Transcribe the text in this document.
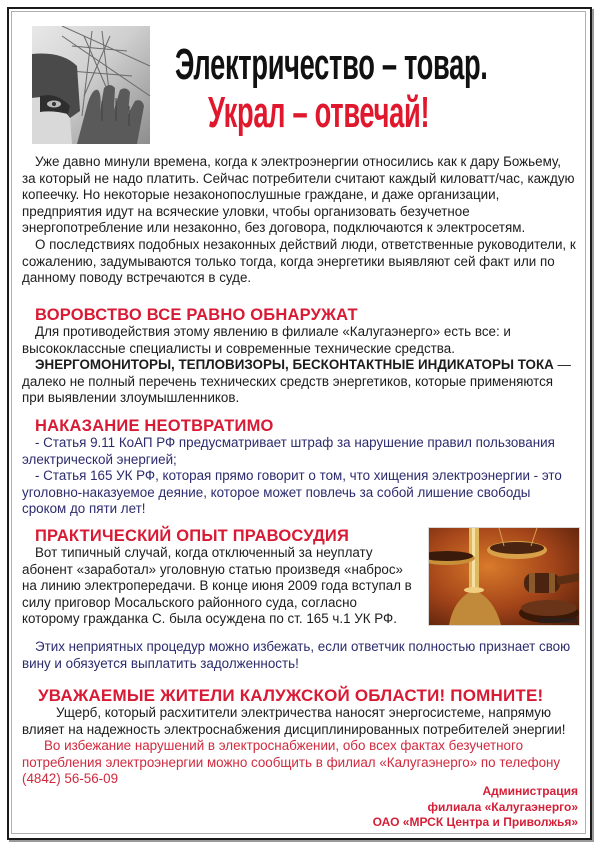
Электричество – товар.
Украл – отвечай!

Уже давно минули времена, когда к электроэнергии относились как к дару Божьему, за который не надо платить. Сейчас потребители считают каждый киловатт/час, каждую копеечку. Но некоторые незаконопослушные граждане, и даже организации, предприятия идут на всяческие уловки, чтобы организовать безучетное энергопотребление или незаконно, без договора, подключаются к электросетям.

О последствиях подобных незаконных действий люди, ответственные руководители, к сожалению, задумываются только тогда, когда энергетики выявляют сей факт или по данному поводу встречаются в суде.

ВОРОВСТВО ВСЕ РАВНО ОБНАРУЖАТ

Для противодействия этому явлению в филиале «Калугаэнерго» есть все: и высококлассные специалисты и современные технические средства.

ЭНЕРГОМОНИТОРЫ, ТЕПЛОВИЗОРЫ, БЕСКОНТАКТНЫЕ ИНДИКАТОРЫ ТОКА — далеко не полный перечень технических средств энергетиков, которые применяются при выявлении злоумышленников.

НАКАЗАНИЕ НЕОТВРАТИМО

- Статья 9.11 КоАП РФ предусматривает штраф за нарушение правил пользования электрической энергией;

- Статья 165 УК РФ, которая прямо говорит о том, что хищения электроэнергии - это уголовно-наказуемое деяние, которое может повлечь за собой лишение свободы сроком до пяти лет!

ПРАКТИЧЕСКИЙ ОПЫТ ПРАВОСУДИЯ

Вот типичный случай, когда отключенный за неуплату абонент «заработал» уголовную статью произведя «наброс» на линию электропередачи. В конце июня 2009 года вступал в силу приговор Мосальского районного суда, согласно которому гражданка С. была осуждена по ст. 165 ч.1 УК РФ.

Этих неприятных процедур можно избежать, если ответчик полностью признает свою вину и обязуется выплатить задолженность!

УВАЖАЕМЫЕ ЖИТЕЛИ КАЛУЖСКОЙ ОБЛАСТИ! ПОМНИТЕ!

Ущерб, который расхитители электричества наносят энергосистеме, напрямую влияет на надежность электроснабжения дисциплинированных потребителей энергии!

Во избежание нарушений в электроснабжении, обо всех фактах безучетного потребления электроэнергии можно сообщить в филиал «Калугаэнерго» по телефону (4842) 56-56-09

Администрация
филиала «Калугаэнерго»
ОАО «МРСК Центра и Приволжья»
